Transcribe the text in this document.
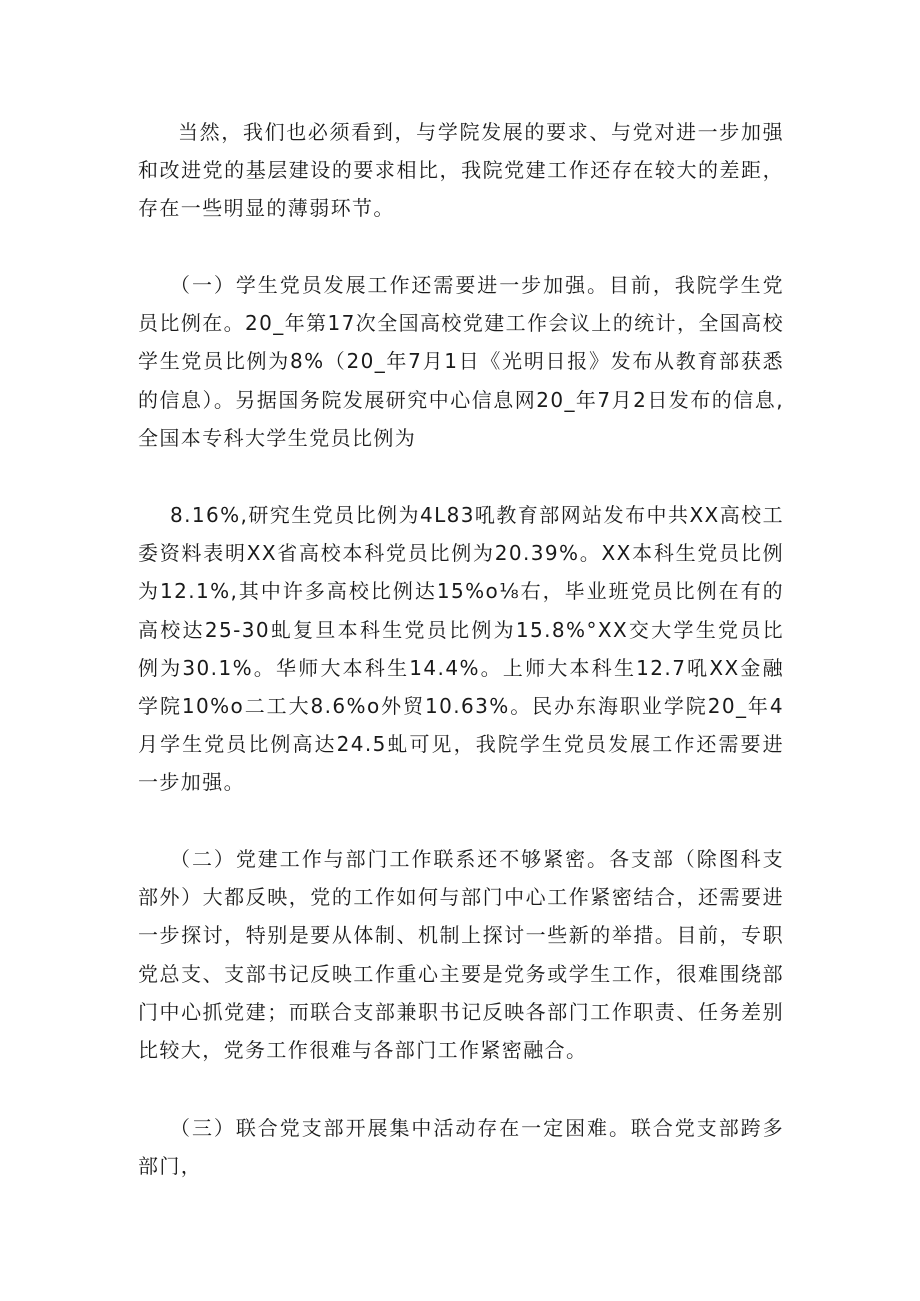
当然，我们也必须看到，与学院发展的要求、与党对进一步加强和改进党的基层建设的要求相比，我院党建工作还存在较大的差距，存在一些明显的薄弱环节。

（一）学生党员发展工作还需要进一步加强。目前，我院学生党员比例在。20_年第17次全国高校党建工作会议上的统计，全国高校学生党员比例为8%（20_年7月1日《光明日报》发布从教育部获悉的信息）。另据国务院发展研究中心信息网20_年7月2日发布的信息,全国本专科大学生党员比例为

8.16%,研究生党员比例为4L83吼教育部网站发布中共XX高校工委资料表明XX省高校本科党员比例为20.39%。XX本科生党员比例为12.1%,其中许多高校比例达15%o⅛右，毕业班党员比例在有的高校达25-30虬复旦本科生党员比例为15.8%°XX交大学生党员比例为30.1%。华师大本科生14.4%。上师大本科生12.7吼XX金融学院10%o二工大8.6%o外贸10.63%。民办东海职业学院20_年4月学生党员比例高达24.5虬可见，我院学生党员发展工作还需要进一步加强。

（二）党建工作与部门工作联系还不够紧密。各支部（除图科支部外）大都反映，党的工作如何与部门中心工作紧密结合，还需要进一步探讨，特别是要从体制、机制上探讨一些新的举措。目前，专职党总支、支部书记反映工作重心主要是党务或学生工作，很难围绕部门中心抓党建；而联合支部兼职书记反映各部门工作职责、任务差别比较大，党务工作很难与各部门工作紧密融合。

（三）联合党支部开展集中活动存在一定困难。联合党支部跨多部门，
